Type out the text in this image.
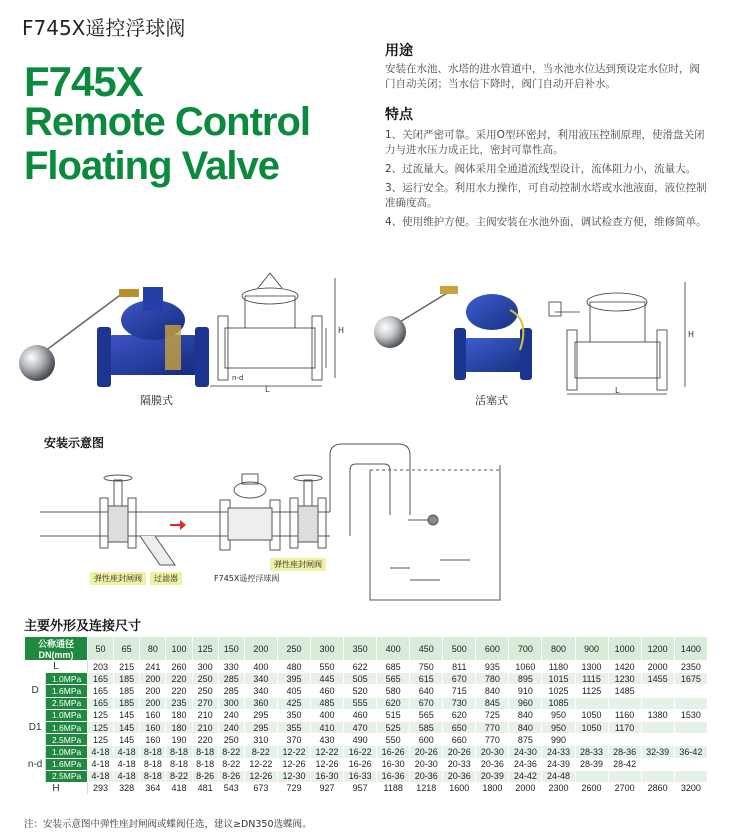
F745X遥控浮球阀
F745X
Remote Control
Floating Valve
用途
安装在水池、水塔的进水管道中，当水池水位达到预设定水位时，阀门自动关闭；当水信下降时，阀门自动开启补水。
特点
1、关闭严密可靠。采用O型环密封，利用液压控制原理，使滑盘关闭力与进水压力成正比，密封可靠性高。
2、过流量大。阀体采用全通道流线型设计，流体阻力小，流量大。
3、运行安全。利用水力操作，可自动控制水塔或水池液面，液位控制准确度高。
4、使用维护方便。主阀安装在水池外面，调试检查方便，维修简单。
L
H
n-d
隔膜式
L
H
活塞式
安装示意图
弹性座封闸阀	过滤器	F745X遥控浮球阀
弹性座封闸阀
主要外形及连接尺寸
公称通径
DN(mm)		50	65	80	100	125	150	200	250	300	350	400	450	500	600	700	800	900	1000	1200	1400
L		203	215	241	260	300	330	400	480	550	622	685	750	811	935	1060	1180	1300	1420	2000	2350
D	1.0MPa	165	185	200	220	250	285	340	395	445	505	565	615	670	780	895	1015	1115	1230	1455	1675
	1.6MPa	165	185	200	220	250	285	340	405	460	520	580	640	715	840	910	1025	1125	1485		
	2.5MPa	165	185	200	235	270	300	360	425	485	555	620	670	730	845	960	1085				
D1	1.0MPa	125	145	160	180	210	240	295	350	400	460	515	565	620	725	840	950	1050	1160	1380	1530
	1.6MPa	125	145	160	180	210	240	295	355	410	470	525	585	650	770	840	950	1050	1170		
	2.5MPa	125	145	160	190	220	250	310	370	430	490	550	600	660	770	875	990				
n-d	1.0MPa	4-18	4-18	8-18	8-18	8-18	8-22	8-22	12-22	12-22	16-22	16-26	20-26	20-26	20-30	24-30	24-33	28-33	28-36	32-39	36-42
	1.6MPa	4-18	4-18	8-18	8-18	8-18	8-22	12-22	12-26	12-26	16-26	16-30	20-30	20-33	20-36	24-36	24-39	28-39	28-42		
	2.5MPa	4-18	4-18	8-18	8-22	8-26	8-26	12-26	12-30	16-30	16-33	16-36	20-36	20-36	20-39	24-42	24-48				
H		293	328	364	418	481	543	673	729	927	957	1188	1218	1600	1800	2000	2300	2600	2700	2860	3200
注：安装示意图中弹性座封闸阀或蝶阀任选，建议≥DN350选蝶阀。
